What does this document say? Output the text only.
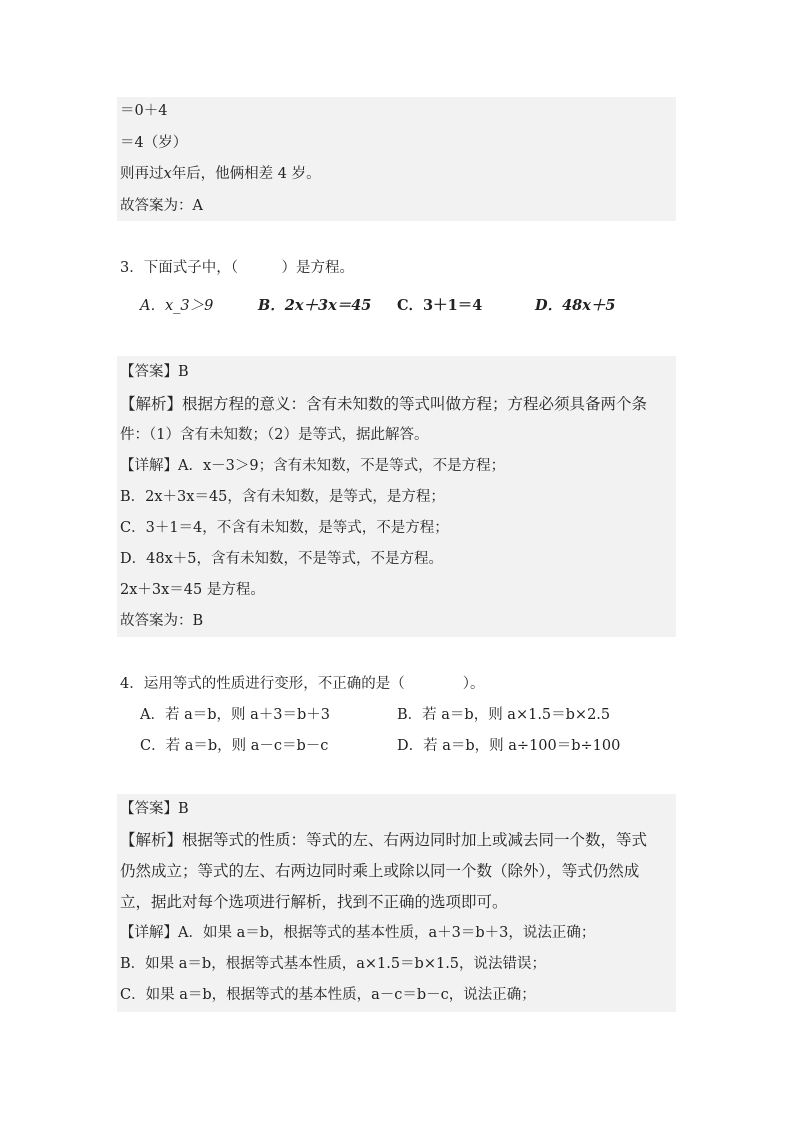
＝0＋4
＝4（岁）
则再过x年后，他俩相差 4 岁。
故答案为：A
3．下面式子中，（　　　）是方程。
A．x_3＞9	B．2x＋3x＝45 C．3＋1＝4	D．48x＋5
【答案】B
【解析】根据方程的意义：含有未知数的等式叫做方程；方程必须具备两个条
件：（1）含有未知数；（2）是等式，据此解答。
【详解】A．x－3＞9；含有未知数，不是等式，不是方程；
B．2x＋3x＝45，含有未知数，是等式，是方程；
C．3＋1＝4，不含有未知数，是等式，不是方程；
D．48x＋5，含有未知数，不是等式，不是方程。
2x＋3x＝45 是方程。
故答案为：B
4．运用等式的性质进行变形，不正确的是（　　　　）。
A．若 a＝b，则 a＋3＝b＋3	B．若 a＝b，则 a×1.5＝b×2.5
C．若 a＝b，则 a－c＝b－c	D．若 a＝b，则 a÷100＝b÷100
【答案】B
【解析】根据等式的性质：等式的左、右两边同时加上或减去同一个数，等式
仍然成立；等式的左、右两边同时乘上或除以同一个数（除外），等式仍然成
立，据此对每个选项进行解析，找到不正确的选项即可。
【详解】A．如果 a＝b，根据等式的基本性质，a＋3＝b＋3，说法正确；
B．如果 a＝b，根据等式基本性质，a×1.5＝b×1.5，说法错误；
C．如果 a＝b，根据等式的基本性质，a－c＝b－c，说法正确；
